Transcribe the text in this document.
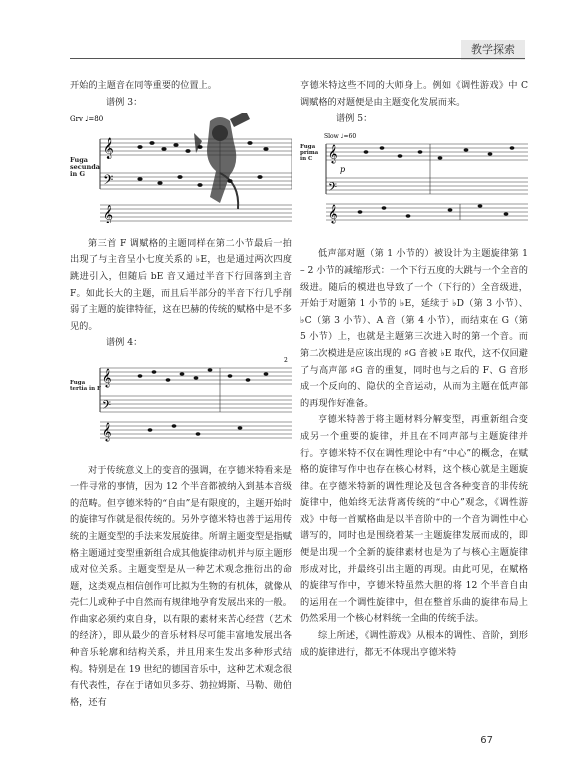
教学探索

开始的主题音在同等重要的位置上。

谱例 3：

Grv ♩=80
𝄞
𝄢
Fuga secunda in G
𝄞

第三首 F 调赋格的主题同样在第二小节最后一拍出现了与主音呈小七度关系的 ♭E，也是通过两次四度跳进引入，但随后 bE 音又通过半音下行回落到主音 F。如此长大的主题，而且后半部分的半音下行几乎削弱了主题的旋律特征，这在巴赫的传统的赋格中是不多见的。

谱例 4：

2
𝄞
𝄢
Fuga tertia in F
𝄞

对于传统意义上的变音的强调，在亨德米特看来是一件寻常的事情，因为 12 个半音都被纳入到基本音级的范畴。但亨德米特的“自由”是有限度的，主题开始时的旋律写作就是很传统的。另外亨德米特也善于运用传统的主题变型的手法来发展旋律。所谓主题变型是指赋格主题通过变型重新组合成其他旋律动机并与原主题形成对位关系。主题变型是从一种艺术观念推衍出的命题，这类观点相信创作可比拟为生物的有机体，就像从壳仁儿或种子中自然而有规律地孕育发展出来的一般。作曲家必须约束自身，以有限的素材来苦心经营（艺术的经济），即从最少的音乐材料尽可能丰富地发展出各种音乐轮廓和结构关系，并且用来生发出多种形式结构。特别是在 19 世纪的德国音乐中，这种艺术观念很有代表性，存在于诸如贝多芬、勃拉姆斯、马勒、勋伯格，还有

亨德米特这些不同的大师身上。例如《调性游戏》中 C 调赋格的对题便是由主题变化发展而来。

谱例 5：

Slow ♩=60
Fuga prima in C
p
𝄞
𝄢
𝄞

低声部对题（第 1 小节的）被设计为主题旋律第 1 – 2 小节的减缩形式：一个下行五度的大跳与一个全音的级进。随后的模进也导致了一个（下行的）全音级进，开始于对题第 1 小节的 ♭E，延续于 ♭D（第 3 小节）、♭C（第 3 小节）、A 音（第 4 小节），而结束在 G（第 5 小节）上，也就是主题第三次进入时的第一个音。而第二次模进是应该出现的 ♯G 音被 ♭E 取代，这不仅回避了与高声部 ♯G 音的重复，同时也与之后的 F、G 音形成一个反向的、隐伏的全音运动，从而为主题在低声部的再现作好准备。

亨德米特善于将主题材料分解变型，再重新组合变成另一个重要的旋律，并且在不同声部与主题旋律并行。亨德米特不仅在调性理论中有“中心”的概念，在赋格的旋律写作中也存在核心材料，这个核心就是主题旋律。在亨德米特新的调性理论及包含各种变音的非传统旋律中，他始终无法背离传统的“中心”观念，《调性游戏》中每一首赋格曲是以半音阶中的一个音为调性中心谱写的，同时也是围绕着某一主题旋律发展而成的，即便是出现一个全新的旋律素材也是为了与核心主题旋律形成对比，并最终引出主题的再现。由此可见，在赋格的旋律写作中，亨德米特虽然大胆的将 12 个半音自由的运用在一个调性旋律中，但在整首乐曲的旋律布局上仍然采用一个核心材料统一全曲的传统手法。

综上所述，《调性游戏》从根本的调性、音阶，到形成的旋律进行，都无不体现出亨德米特

67
